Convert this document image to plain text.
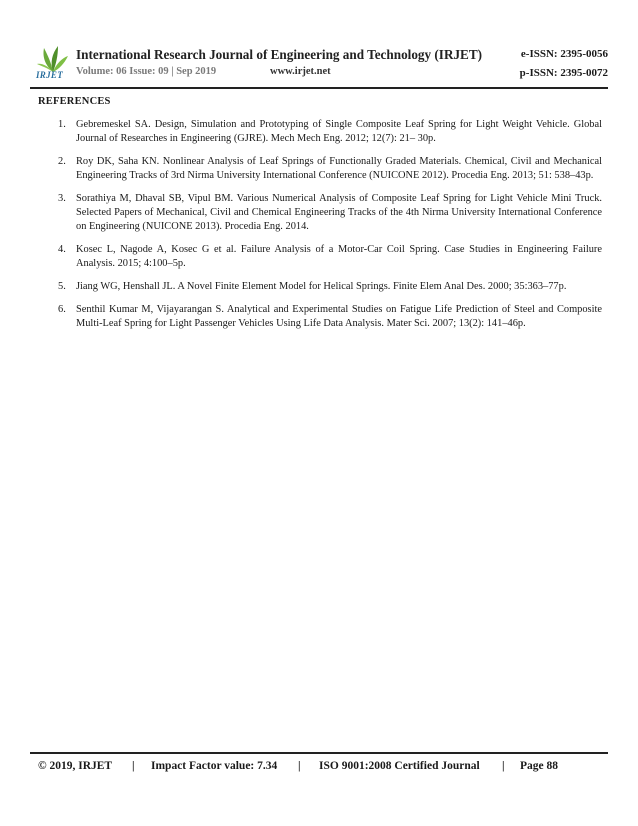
IRJET
International Research Journal of Engineering and Technology (IRJET)	e-ISSN: 2395-0056
Volume: 06 Issue: 09 | Sep 2019	www.irjet.net	p-ISSN: 2395-0072
REFERENCES
1. Gebremeskel SA. Design, Simulation and Prototyping of Single Composite Leaf Spring for Light Weight Vehicle. Global Journal of Researches in Engineering (GJRE). Mech Mech Eng. 2012; 12(7): 21– 30p.
2. Roy DK, Saha KN. Nonlinear Analysis of Leaf Springs of Functionally Graded Materials. Chemical, Civil and Mechanical Engineering Tracks of 3rd Nirma University International Conference (NUICONE 2012). Procedia Eng. 2013; 51: 538–43p.
3. Sorathiya M, Dhaval SB, Vipul BM. Various Numerical Analysis of Composite Leaf Spring for Light Vehicle Mini Truck. Selected Papers of Mechanical, Civil and Chemical Engineering Tracks of the 4th Nirma University International Conference on Engineering (NUICONE 2013). Procedia Eng. 2014.
4. Kosec L, Nagode A, Kosec G et al. Failure Analysis of a Motor-Car Coil Spring. Case Studies in Engineering Failure Analysis. 2015; 4:100–5p.
5. Jiang WG, Henshall JL. A Novel Finite Element Model for Helical Springs. Finite Elem Anal Des. 2000; 35:363–77p.
6. Senthil Kumar M, Vijayarangan S. Analytical and Experimental Studies on Fatigue Life Prediction of Steel and Composite Multi-Leaf Spring for Light Passenger Vehicles Using Life Data Analysis. Mater Sci. 2007; 13(2): 141–46p.
© 2019, IRJET | Impact Factor value: 7.34 | ISO 9001:2008 Certified Journal | Page 88
